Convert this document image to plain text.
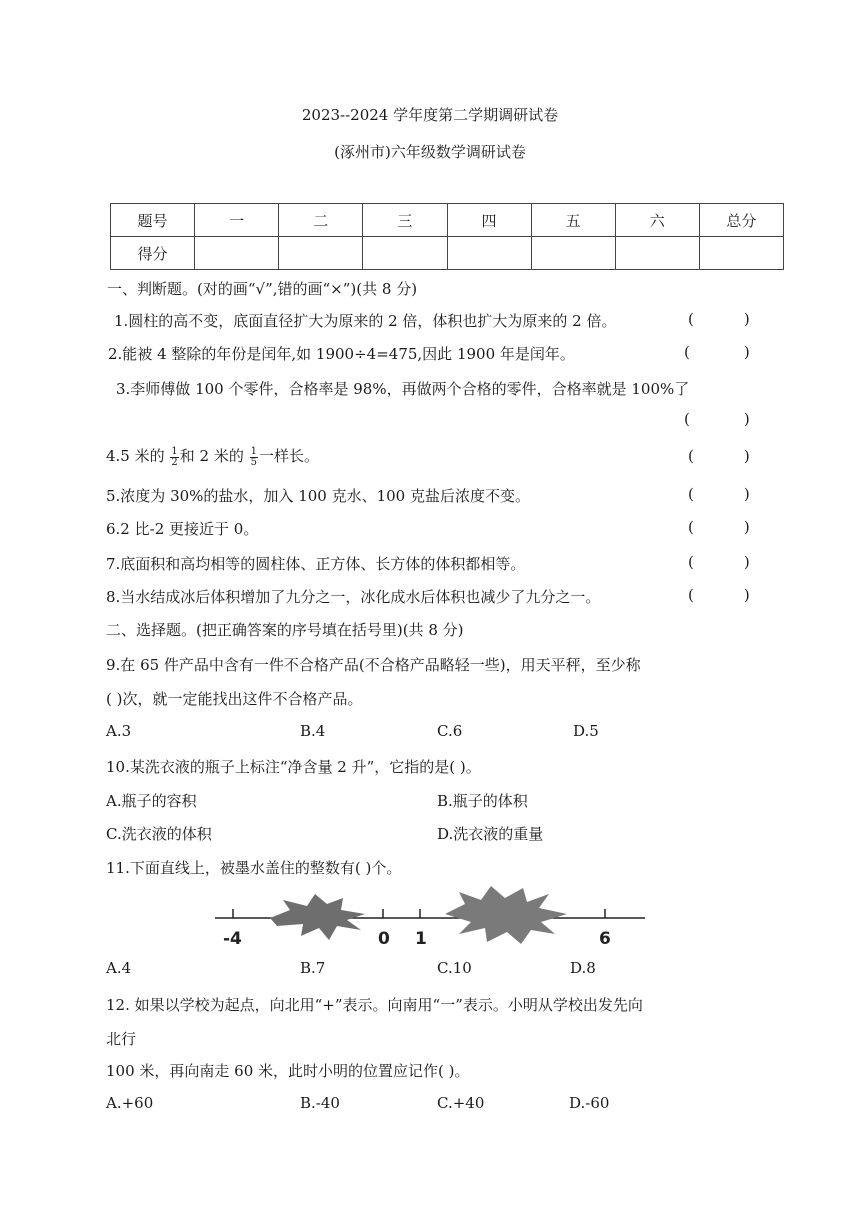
2023--2024 学年度第二学期调研试卷
(涿州市)六年级数学调研试卷
题号	一	二	三	四	五	六	总分
得分							
一、判断题。(对的画“√”,错的画“×”)(共 8 分)
1.圆柱的高不变，底面直径扩大为原来的 2 倍，体积也扩大为原来的 2 倍。
2.能被 4 整除的年份是闰年,如 1900÷4=475,因此 1900 年是闰年。
3.李师傅做 100 个零件，合格率是 98%，再做两个合格的零件，合格率就是 100%了
4.5 米的 $\frac{1}{2}$ 和 2 米的 $\frac{1}{5}$ 一样长。
5.浓度为 30%的盐水，加入 100 克水、100 克盐后浓度不变。
6.2 比-2 更接近于 0。
7.底面积和高均相等的圆柱体、正方体、长方体的体积都相等。
8.当水结成冰后体积增加了九分之一，冰化成水后体积也减少了九分之一。
(	)
(	)
(	)
(	)
(	)
(	)
(	)
(	)
二、选择题。(把正确答案的序号填在括号里)(共 8 分)
9.在 65 件产品中含有一件不合格产品(不合格产品略轻一些)，用天平秤，至少称
( )次，就一定能找出这件不合格产品。
A.3	B.4	C.6	D.5
10.某洗衣液的瓶子上标注“净含量 2 升”，它指的是( )。
A.瓶子的容积	B.瓶子的体积
C.洗衣液的体积	D.洗衣液的重量
11.下面直线上，被墨水盖住的整数有( )个。
-4	0 1	6
A.4	B.7	C.10	D.8
12. 如果以学校为起点，向北用“+”表示。向南用“一”表示。小明从学校出发先向
北行
100 米，再向南走 60 米，此时小明的位置应记作( )。
A.+60	B.-40	C.+40	D.-60
